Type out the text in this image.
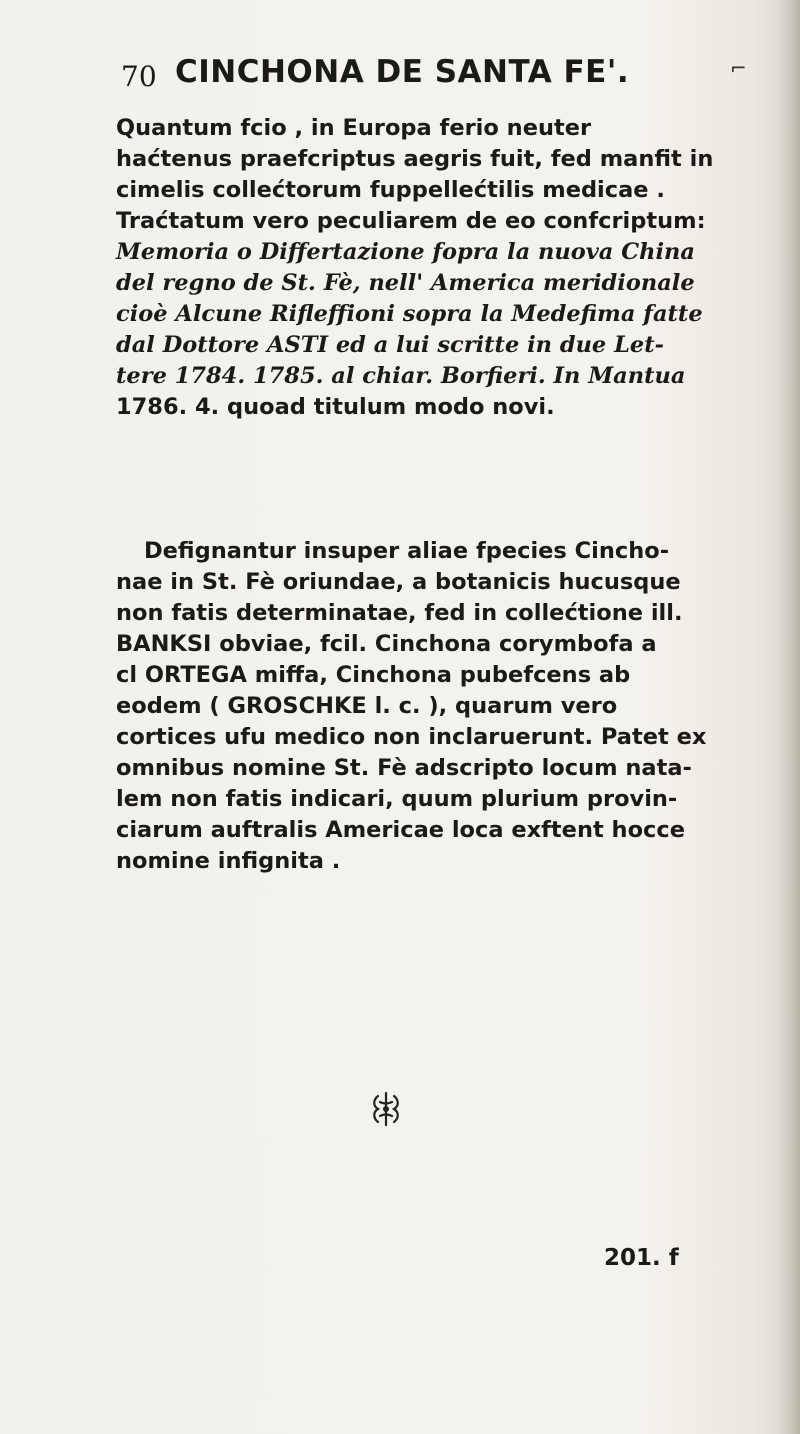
70 CINCHONA DE SANTA FE'.	⌐

Quantum fcio , in Europa ferio neuter
haćtenus praefcriptus aegris fuit, fed manfit in
cimelis collećtorum fuppellećtilis medicae .
Traćtatum vero peculiarem de eo confcriptum:
Memoria o Differtazione fopra la nuova China
del regno de St. Fè, nell' America meridionale
cioè Alcune Rifleffioni sopra la Medefima fatte
dal Dottore ASTI ed a lui scritte in due Let-
tere 1784. 1785. al chiar. Borfieri. In Mantua
1786. 4. quoad titulum modo novi.

Defignantur insuper aliae fpecies Cincho-
nae in St. Fè oriundae, a botanicis hucusque
non fatis determinatae, fed in collećtione ill.
BANKSI obviae, fcil. Cinchona corymbofa a
cl ORTEGA miffa, Cinchona pubefcens ab
eodem ( GROSCHKE l. c. ), quarum vero
cortices ufu medico non inclaruerunt. Patet ex
omnibus nomine St. Fè adscripto locum nata-
lem non fatis indicari, quum plurium provin-
ciarum auftralis Americae loca exftent hocce
nomine infignita .

201. f
